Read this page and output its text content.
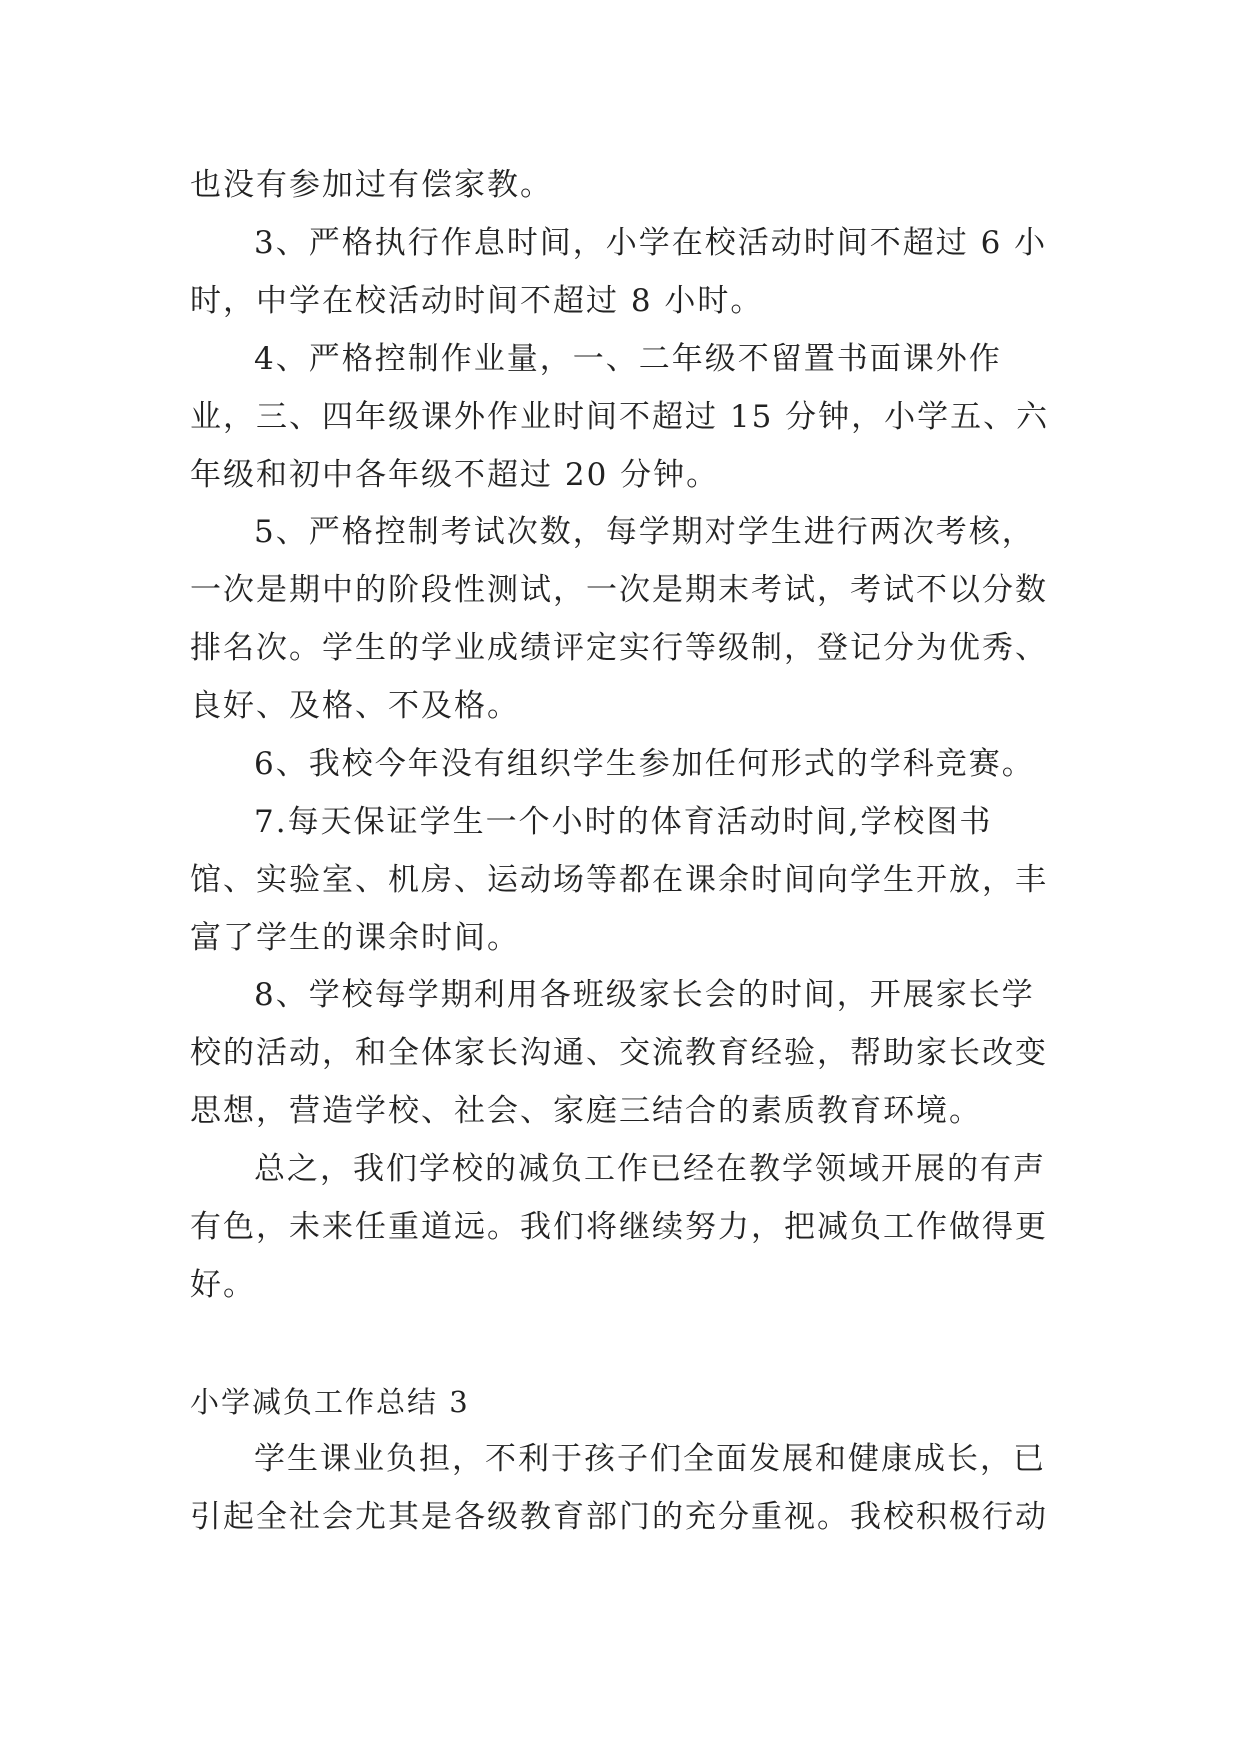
也没有参加过有偿家教。

3、严格执行作息时间，小学在校活动时间不超过 6 小时，中学在校活动时间不超过 8 小时。

4、严格控制作业量，一、二年级不留置书面课外作业，三、四年级课外作业时间不超过 15 分钟，小学五、六年级和初中各年级不超过 20 分钟。

5、严格控制考试次数，每学期对学生进行两次考核，一次是期中的阶段性测试，一次是期末考试，考试不以分数排名次。学生的学业成绩评定实行等级制，登记分为优秀、良好、及格、不及格。

6、我校今年没有组织学生参加任何形式的学科竞赛。

7.每天保证学生一个小时的体育活动时间,学校图书馆、实验室、机房、运动场等都在课余时间向学生开放，丰富了学生的课余时间。

8、学校每学期利用各班级家长会的时间，开展家长学校的活动，和全体家长沟通、交流教育经验，帮助家长改变思想，营造学校、社会、家庭三结合的素质教育环境。

总之，我们学校的减负工作已经在教学领域开展的有声有色，未来任重道远。我们将继续努力，把减负工作做得更好。

小学减负工作总结 3

学生课业负担，不利于孩子们全面发展和健康成长，已引起全社会尤其是各级教育部门的充分重视。我校积极行动
